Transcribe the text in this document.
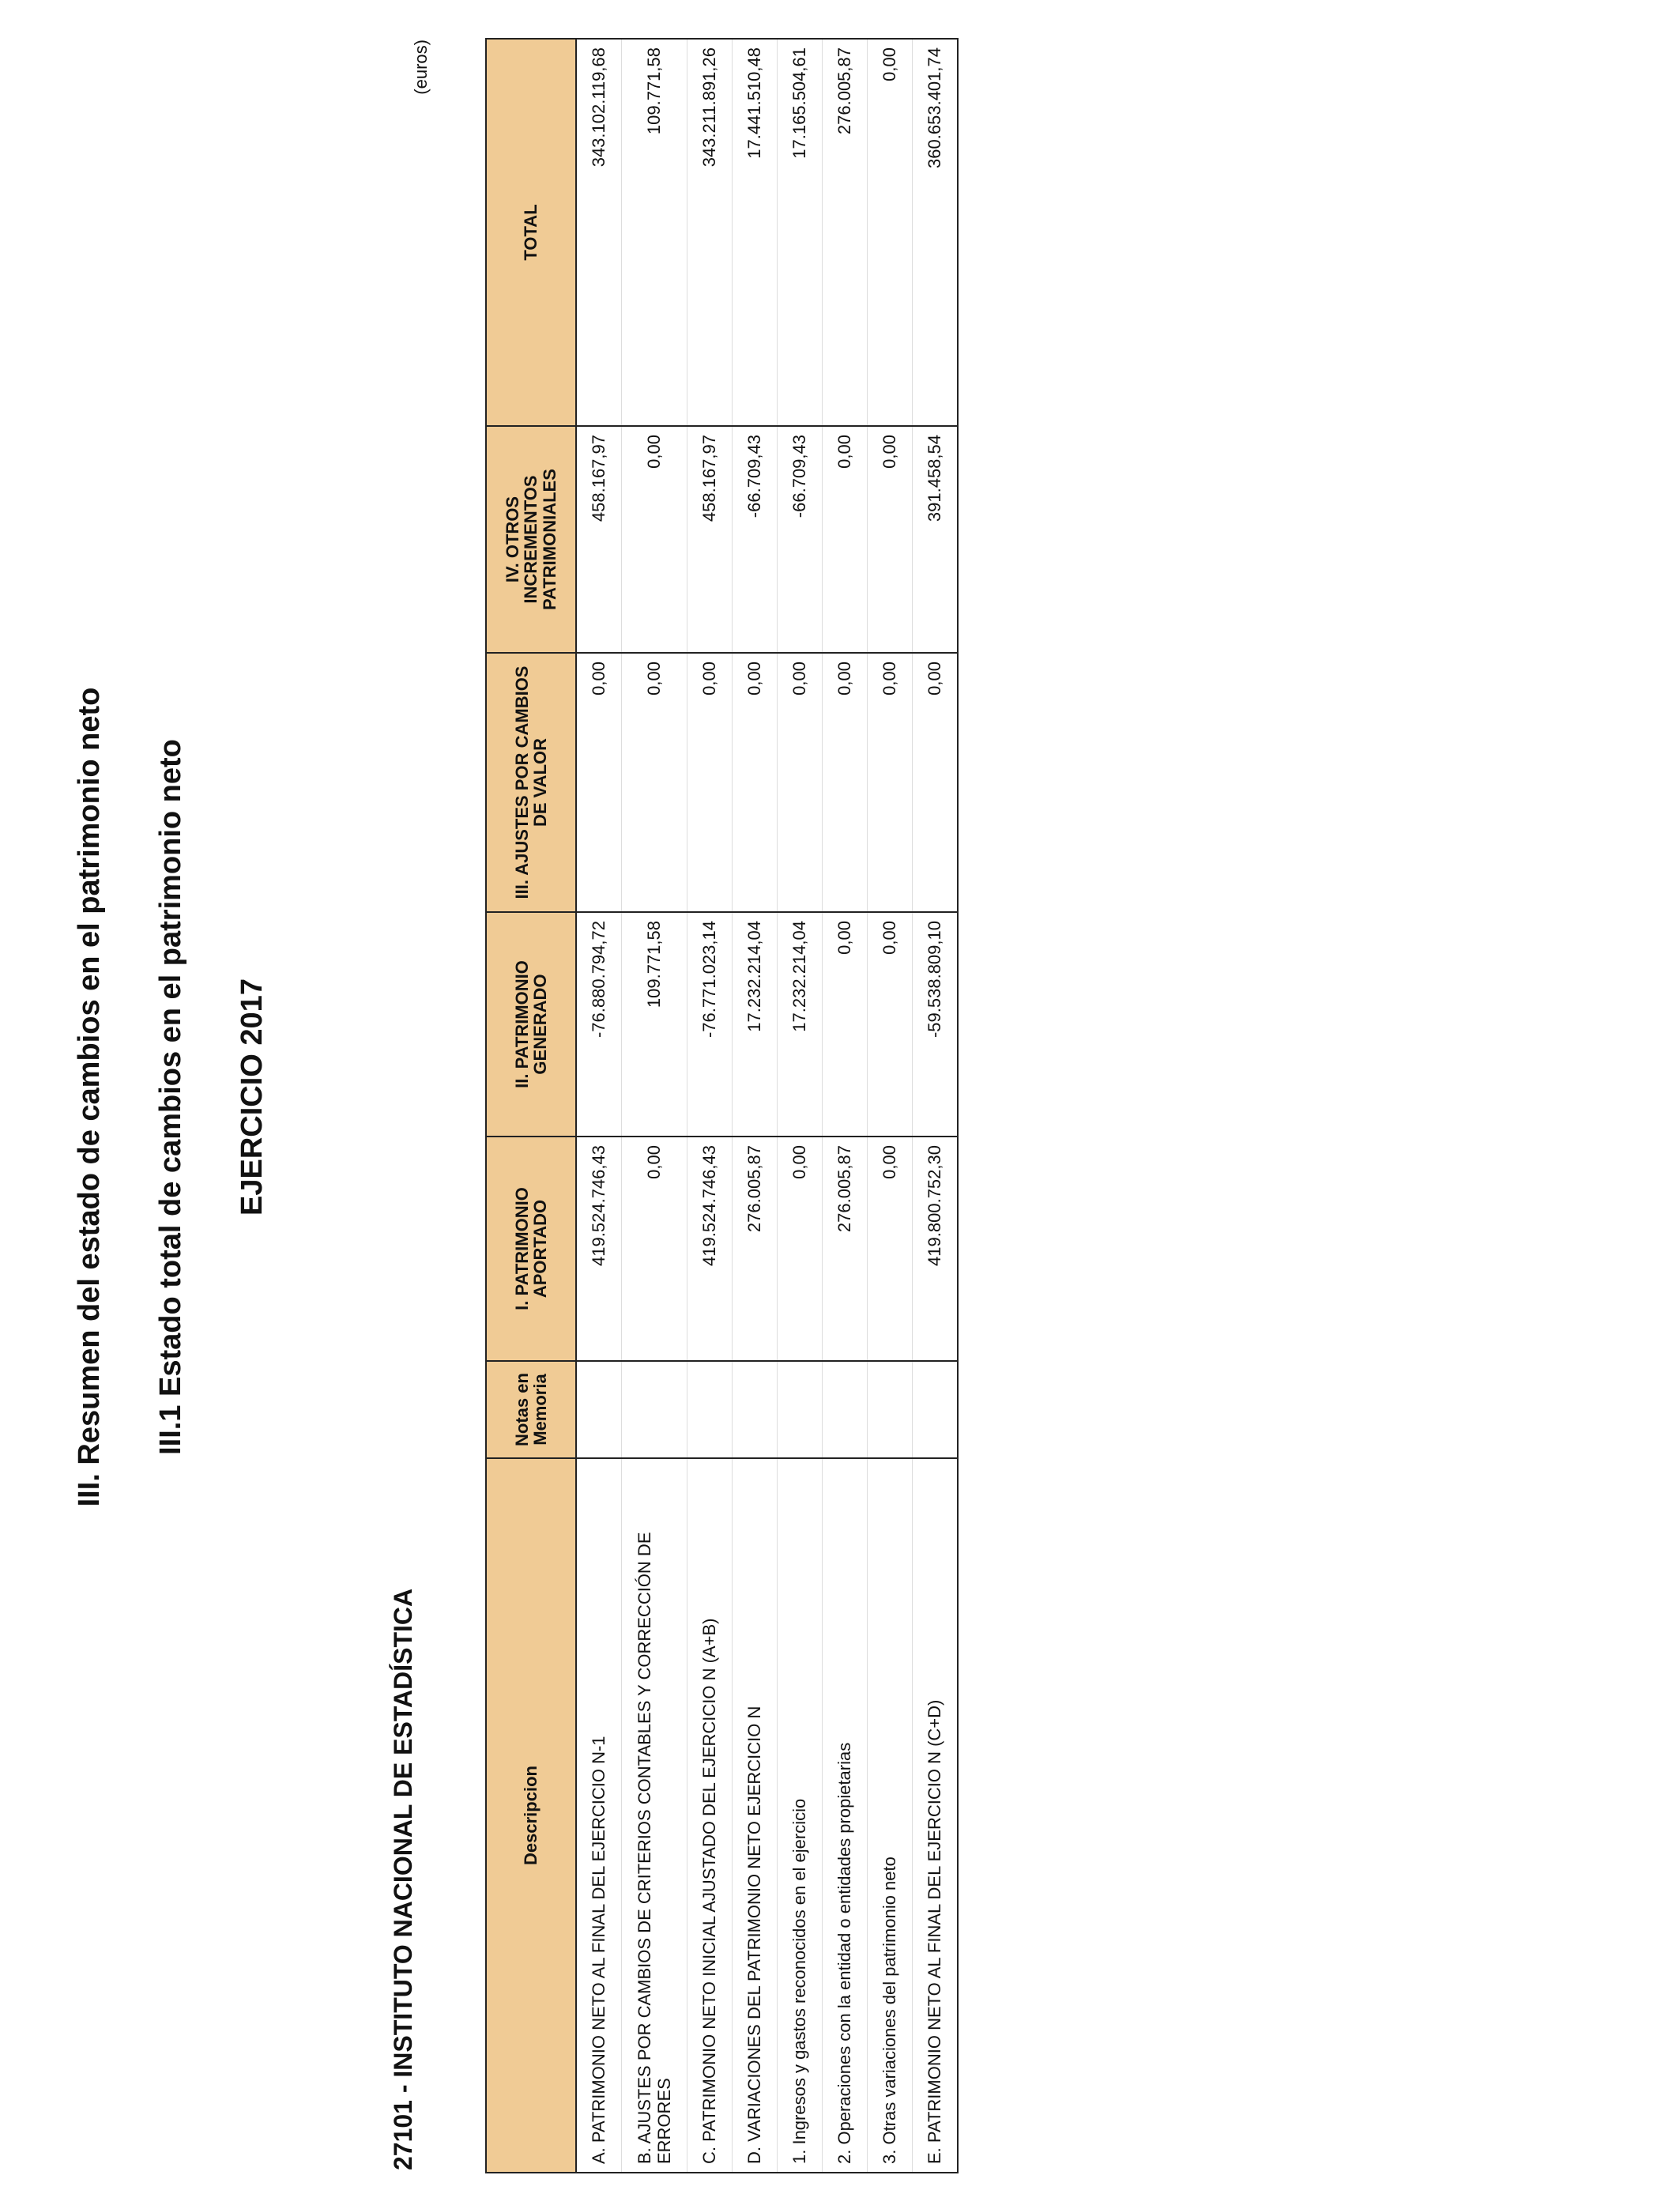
III. Resumen del estado de cambios en el patrimonio neto III.1 Estado total de cambios en el patrimonio neto EJERCICIO 2017
27101 - INSTITUTO NACIONAL DE ESTADÍSTICA
(euros)
Descripcion	Notas en Memoria	I. PATRIMONIO APORTADO	II. PATRIMONIO GENERADO	III. AJUSTES POR CAMBIOS DE VALOR	IV. OTROS INCREMENTOS PATRIMONIALES	TOTAL
A. PATRIMONIO NETO AL FINAL DEL EJERCICIO N-1		419.524.746,43	-76.880.794,72	0,00	458.167,97	343.102.119,68
B. AJUSTES POR CAMBIOS DE CRITERIOS CONTABLES Y CORRECCIÓN DE ERRORES		0,00	109.771,58	0,00	0,00	109.771,58
C. PATRIMONIO NETO INICIAL AJUSTADO DEL EJERCICIO N (A+B)		419.524.746,43	-76.771.023,14	0,00	458.167,97	343.211.891,26
D. VARIACIONES DEL PATRIMONIO NETO EJERCICIO N		276.005,87	17.232.214,04	0,00	-66.709,43	17.441.510,48
1. Ingresos y gastos reconocidos en el ejercicio		0,00	17.232.214,04	0,00	-66.709,43	17.165.504,61
2. Operaciones con la entidad o entidades propietarias		276.005,87	0,00	0,00	0,00	276.005,87
3. Otras variaciones del patrimonio neto		0,00	0,00	0,00	0,00	0,00
E. PATRIMONIO NETO AL FINAL DEL EJERCICIO N (C+D)		419.800.752,30	-59.538.809,10	0,00	391.458,54	360.653.401,74
